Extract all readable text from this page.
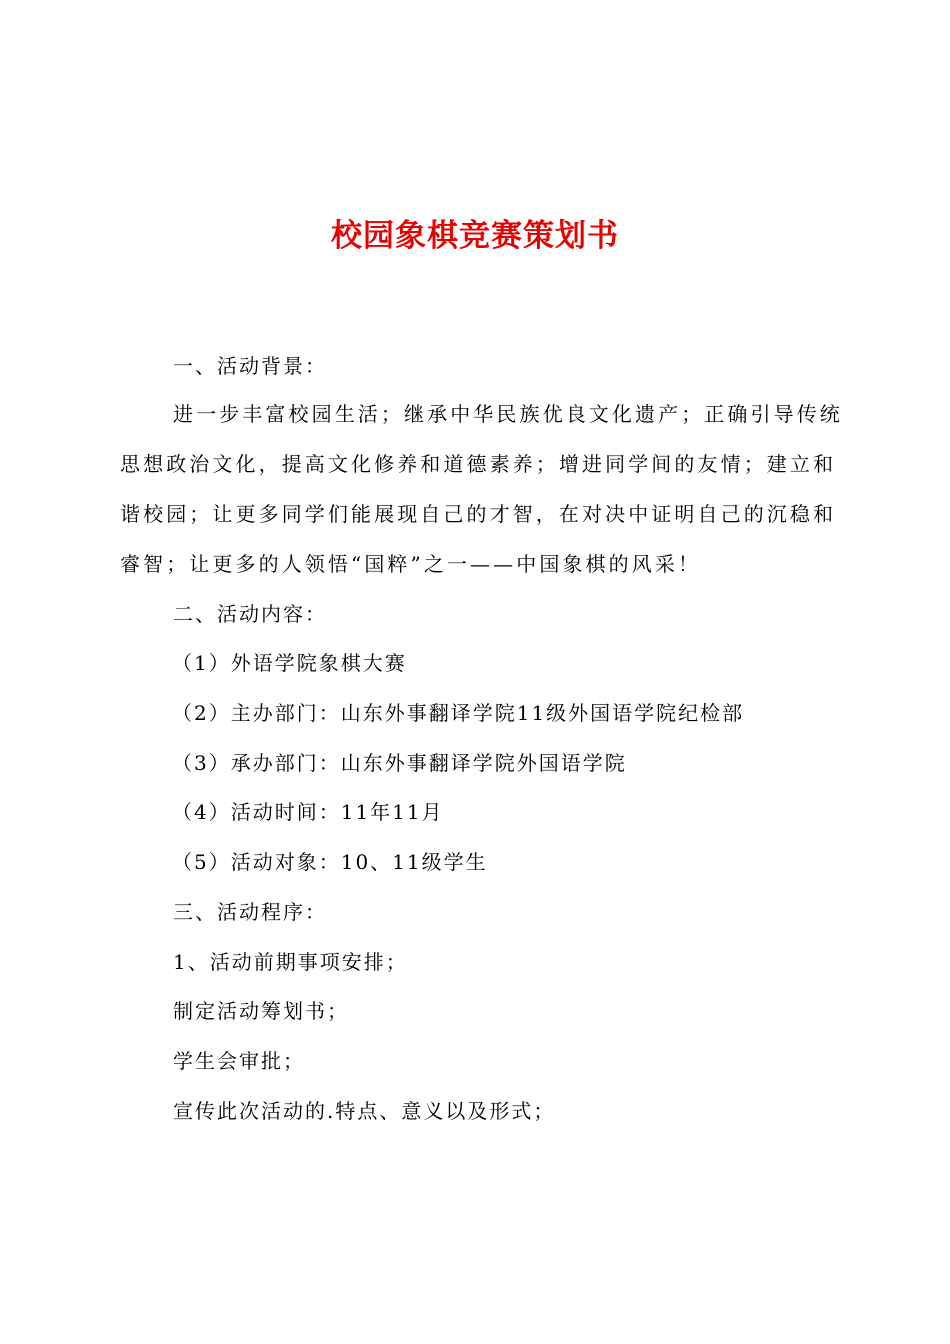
校园象棋竞赛策划书

一、活动背景：

进一步丰富校园生活；继承中华民族优良文化遗产；正确引导传统

思想政治文化，提高文化修养和道德素养；增进同学间的友情；建立和

谐校园；让更多同学们能展现自己的才智，在对决中证明自己的沉稳和

睿智；让更多的人领悟“国粹”之一——中国象棋的风采！

二、活动内容：

（1）外语学院象棋大赛

（2）主办部门：山东外事翻译学院11级外国语学院纪检部

（3）承办部门：山东外事翻译学院外国语学院

（4）活动时间：11年11月

（5）活动对象：10、11级学生

三、活动程序：

1、活动前期事项安排；

制定活动筹划书；

学生会审批；

宣传此次活动的.特点、意义以及形式；
